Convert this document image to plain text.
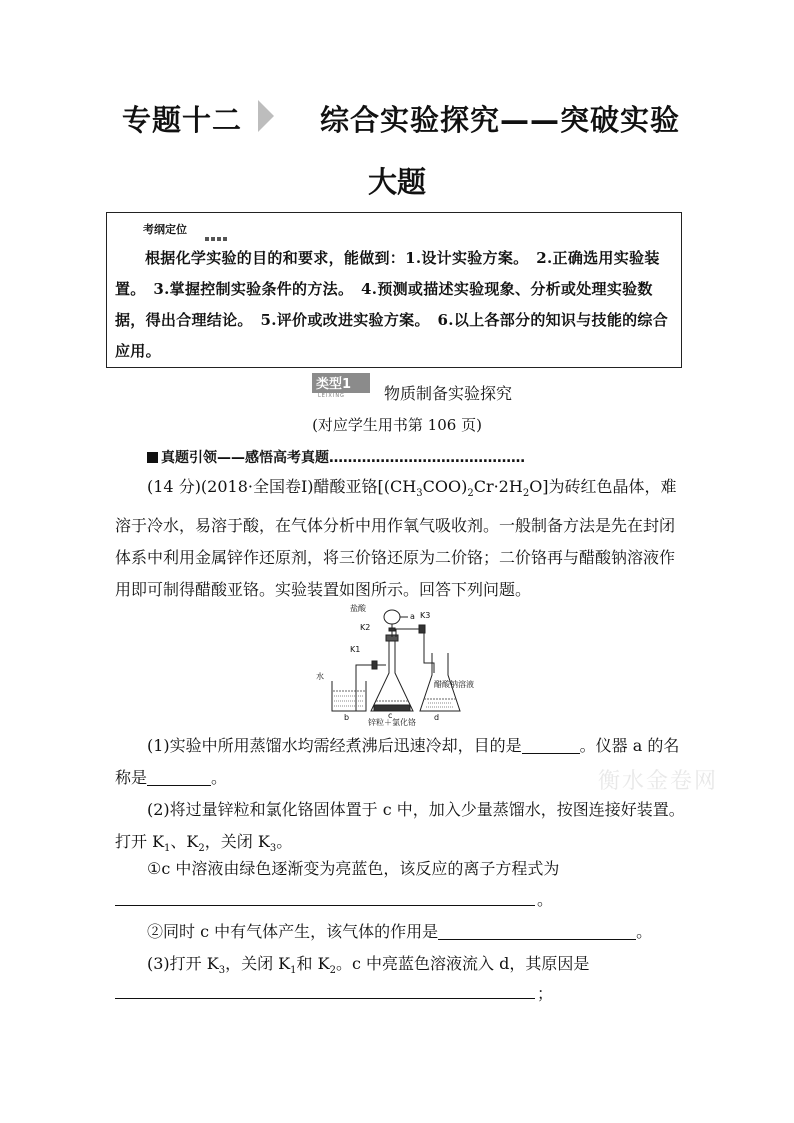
专题十二	综合实验探究——突破实验
大题
考纲定位
根据化学实验的目的和要求，能做到：1.设计实验方案。　2.正确选用实验装置。　3.掌握控制实验条件的方法。　4.预测或描述实验现象、分析或处理实验数据，得出合理结论。　5.评价或改进实验方案。　6.以上各部分的知识与技能的综合应用。
类型1
LEIXING 物质制备实验探究
(对应学生用书第 106 页)
真题引领——感悟高考真题……………………………………
(14 分)(2018·全国卷Ⅰ)醋酸亚铬$[(CH_3COO)_2Cr\cdot 2H_2O]$为砖红色晶体，难溶于冷水，易溶于酸，在气体分析中用作氧气吸收剂。一般制备方法是先在封闭体系中利用金属锌作还原剂，将三价铬还原为二价铬；二价铬再与醋酸钠溶液作用即可制得醋酸亚铬。实验装置如图所示。回答下列问题。
盐酸
a K3
K2
K1
水
b	c	d
锌粒＋氯化铬
醋酸钠溶液
(1)实验中所用蒸馏水均需经煮沸后迅速冷却，目的是	。仪器 a 的名
称是	。	衡水金卷网
(2)将过量锌粒和氯化铬固体置于 c 中，加入少量蒸馏水，按图连接好装置。
打开 $K_1$、$K_2$，关闭 $K_3$。
①c 中溶液由绿色逐渐变为亮蓝色，该反应的离子方程式为
。
②同时 c 中有气体产生，该气体的作用是	。
(3)打开 $K_3$，关闭 $K_1$和 $K_2$。c 中亮蓝色溶液流入 d，其原因是
；
